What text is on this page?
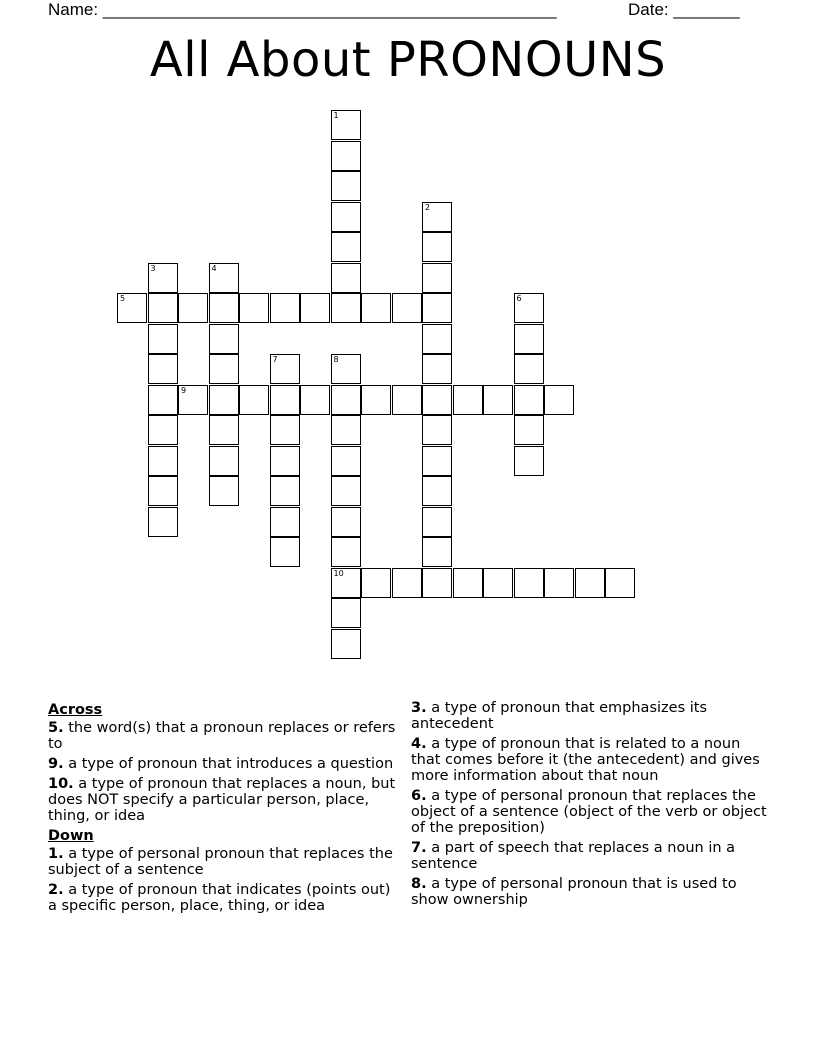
Name: ________________________________________________	Date: _______
All About PRONOUNS
1
2
3	4
5	6
7	8
10
9
Across
5. the word(s) that a pronoun replaces or refers to
9. a type of pronoun that introduces a question
10. a type of pronoun that replaces a noun, but does NOT specify a particular person, place, thing, or idea
Down
1. a type of personal pronoun that replaces the subject of a sentence
2. a type of pronoun that indicates (points out) a specific person, place, thing, or idea
3. a type of pronoun that emphasizes its antecedent
4. a type of pronoun that is related to a noun that comes before it (the antecedent) and gives more information about that noun
6. a type of personal pronoun that replaces the object of a sentence (object of the verb or object of the preposition)
7. a part of speech that replaces a noun in a sentence
8. a type of personal pronoun that is used to show ownership
